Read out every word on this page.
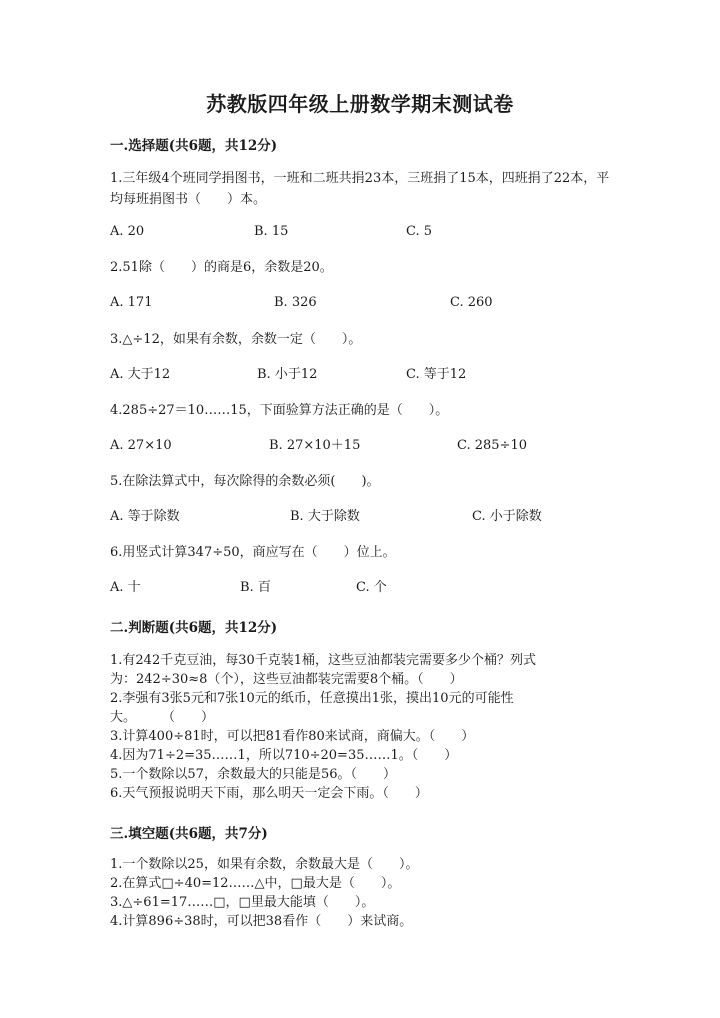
苏教版四年级上册数学期末测试卷
一.选择题(共6题，共12分)
1.三年级4个班同学捐图书，一班和二班共捐23本，三班捐了15本，四班捐了22本，平均每班捐图书（　　）本。
A. 20	B. 15	C. 5
2.51除（　　）的商是6，余数是20。
A. 171	B. 326	C. 260
3.△÷12，如果有余数，余数一定（　　）。
A. 大于12	B. 小于12	C. 等于12
4.285÷27＝10……15，下面验算方法正确的是（　　）。
A. 27×10	B. 27×10＋15	C. 285÷10
5.在除法算式中，每次除得的余数必须(　　)。
A. 等于除数	B. 大于除数	C. 小于除数
6.用竖式计算347÷50，商应写在（　　）位上。
A. 十	B. 百	C. 个
二.判断题(共6题，共12分)
1.有242千克豆油，每30千克装1桶，这些豆油都装完需要多少个桶？列式
为：242÷30≈8（个），这些豆油都装完需要8个桶。（　　）
2.李强有3张5元和7张10元的纸币，任意摸出1张，摸出10元的可能性
大。　　　（　　）
3.计算400÷81时，可以把81看作80来试商，商偏大。（　　）
4.因为71÷2=35……1，所以710÷20=35……1。（　　）
5.一个数除以57，余数最大的只能是56。（　　）
6.天气预报说明天下雨，那么明天一定会下雨。（　　）
三.填空题(共6题，共7分)
1.一个数除以25，如果有余数，余数最大是（　　）。
2.在算式□÷40=12……△中，□最大是（　　）。
3.△÷61=17……□，□里最大能填（　　）。
4.计算896÷38时，可以把38看作（　　）来试商。
